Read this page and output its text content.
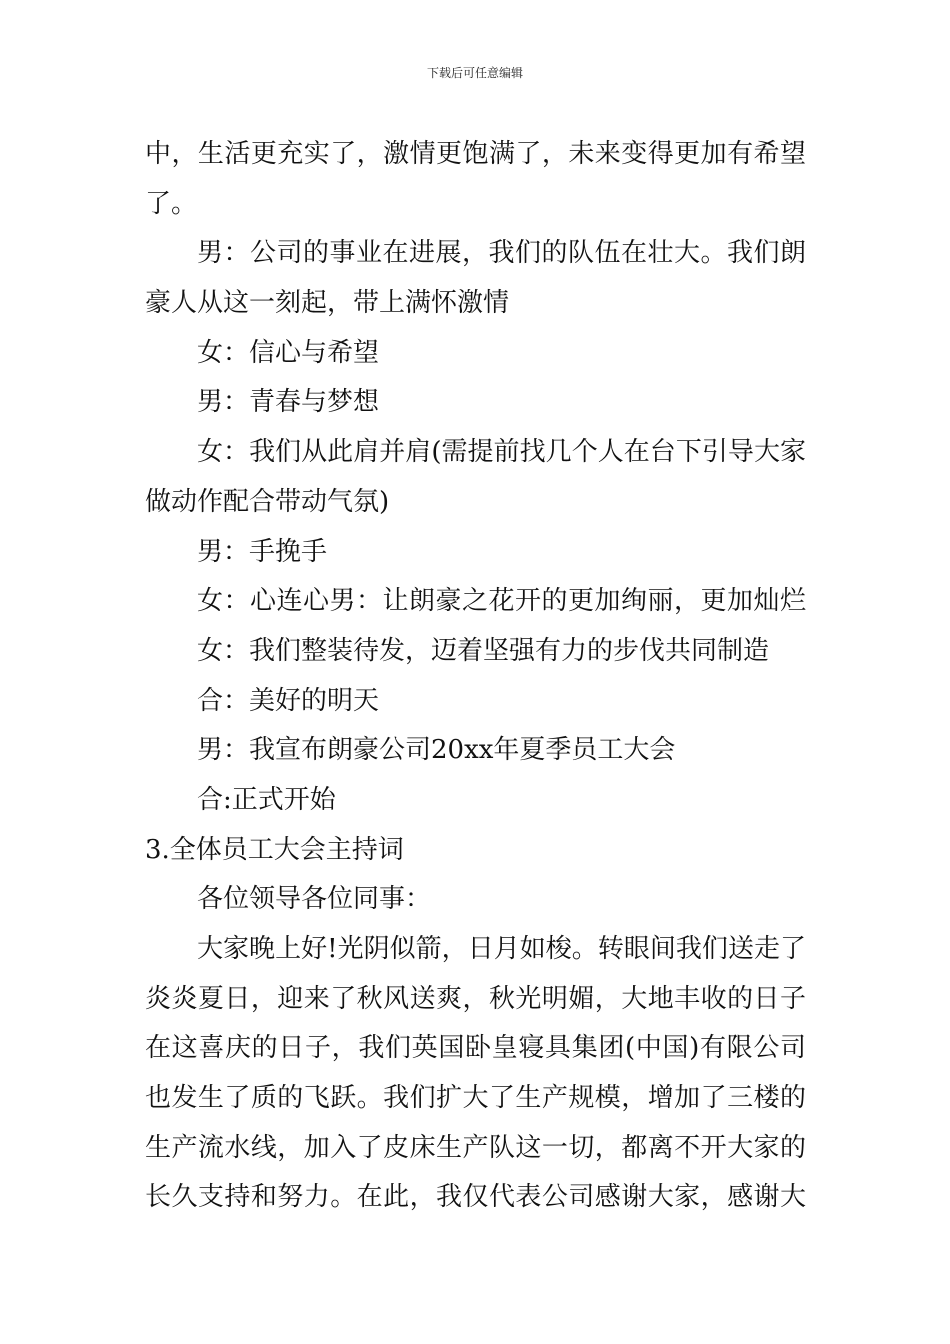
下载后可任意编辑
中，生活更充实了，激情更饱满了，未来变得更加有希望
了。
男：公司的事业在进展，我们的队伍在壮大。我们朗
豪人从这一刻起，带上满怀激情
女：信心与希望
男：青春与梦想
女：我们从此肩并肩(需提前找几个人在台下引导大家
做动作配合带动气氛)
男：手挽手
女：心连心男：让朗豪之花开的更加绚丽，更加灿烂
女：我们整装待发，迈着坚强有力的步伐共同制造
合：美好的明天
男：我宣布朗豪公司20xx年夏季员工大会
合:正式开始
3.全体员工大会主持词
各位领导各位同事：
大家晚上好!光阴似箭，日月如梭。转眼间我们送走了
炎炎夏日，迎来了秋风送爽，秋光明媚，大地丰收的日子
在这喜庆的日子，我们英国卧皇寝具集团(中国)有限公司
也发生了质的飞跃。我们扩大了生产规模，增加了三楼的
生产流水线，加入了皮床生产队这一切，都离不开大家的
长久支持和努力。在此，我仅代表公司感谢大家，感谢大
